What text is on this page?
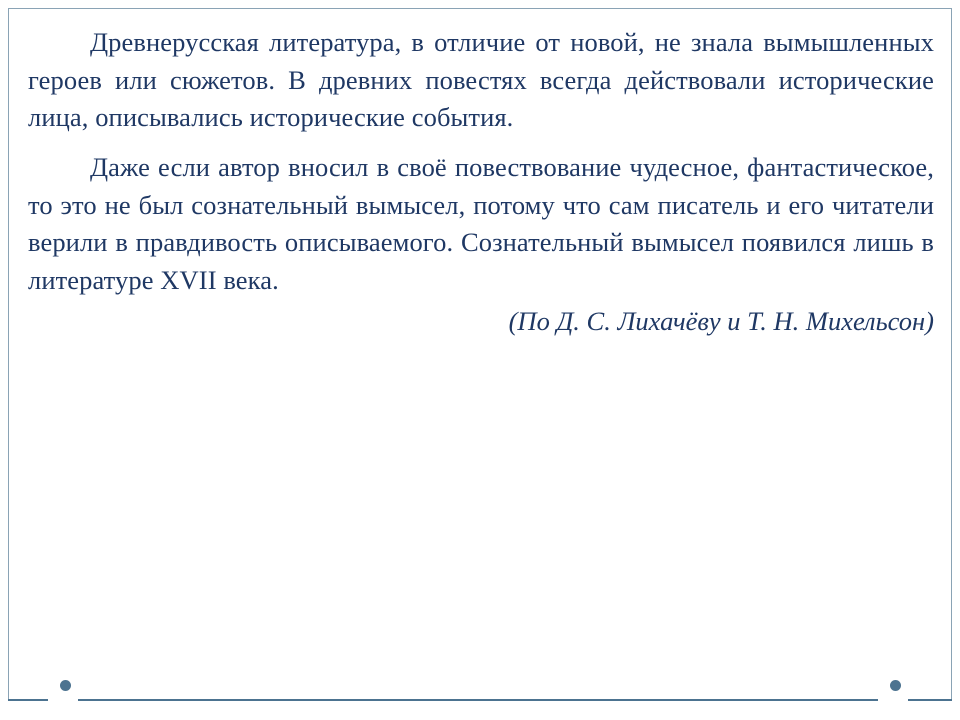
Древнерусская литература, в отличие от новой, не знала вымышленных героев или сюжетов. В древних повестях всегда действовали исторические лица, описывались исторические события.

Даже если автор вносил в своё повествование чудесное, фантастическое, то это не был сознательный вымысел, потому что сам писатель и его читатели верили в правдивость описываемого. Сознательный вымысел появился лишь в литературе XVII века.

(По Д. С. Лихачёву и Т. Н. Михельсон)
